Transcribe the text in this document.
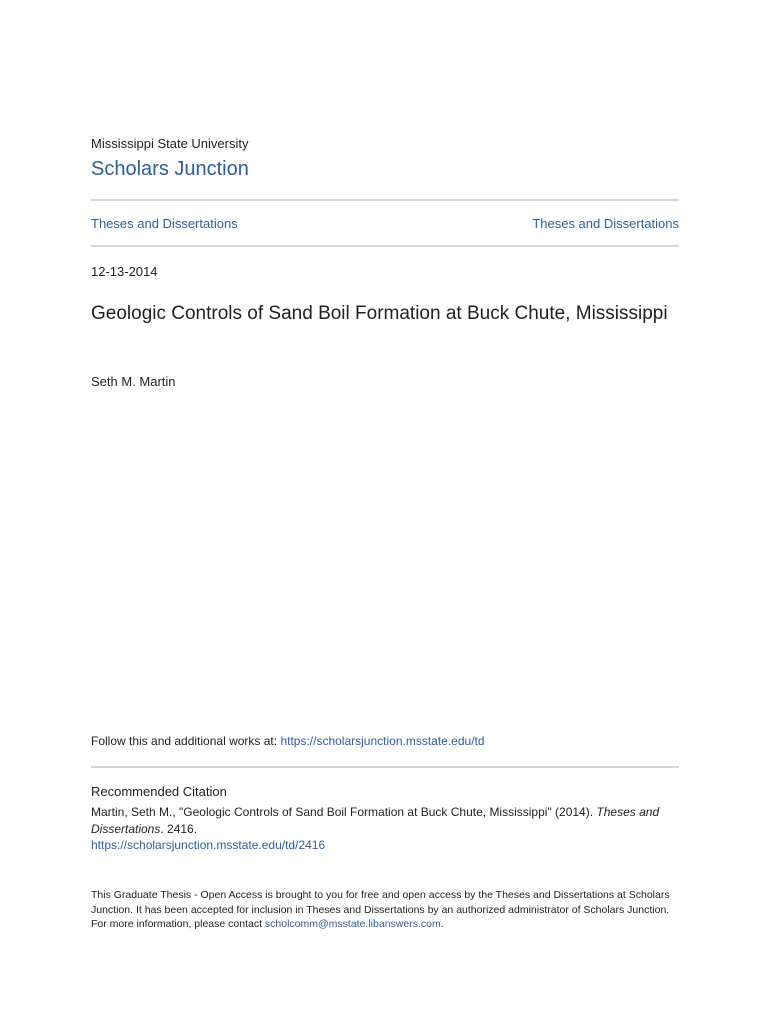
Mississippi State University
Scholars Junction
Theses and Dissertations	Theses and Dissertations
12-13-2014
Geologic Controls of Sand Boil Formation at Buck Chute, Mississippi
Seth M. Martin
Follow this and additional works at: https://scholarsjunction.msstate.edu/td
Recommended Citation
Martin, Seth M., "Geologic Controls of Sand Boil Formation at Buck Chute, Mississippi" (2014). Theses and Dissertations. 2416.
https://scholarsjunction.msstate.edu/td/2416
This Graduate Thesis - Open Access is brought to you for free and open access by the Theses and Dissertations at Scholars Junction. It has been accepted for inclusion in Theses and Dissertations by an authorized administrator of Scholars Junction. For more information, please contact scholcomm@msstate.libanswers.com.
